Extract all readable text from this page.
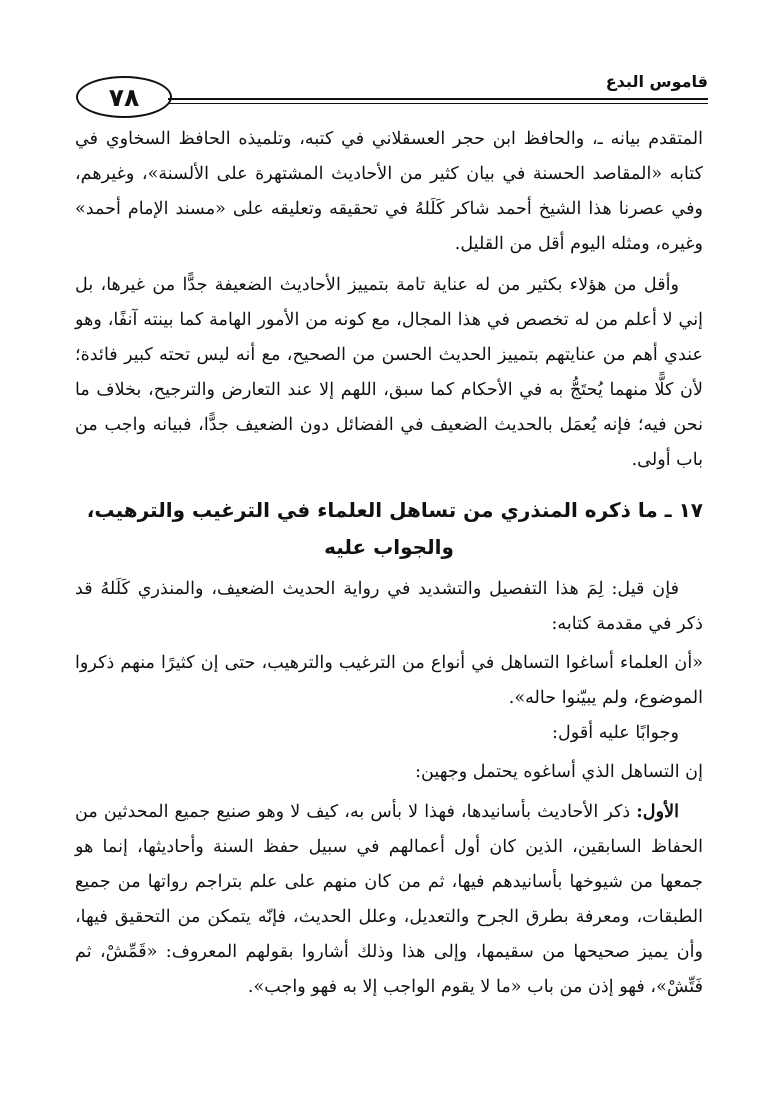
قاموس البدع
٧٨

المتقدم بيانه ـ، والحافظ ابن حجر العسقلاني في كتبه، وتلميذه الحافظ السخاوي في كتابه «المقاصد الحسنة في بيان كثير من الأحاديث المشتهرة على الألسنة»، وغيرهم، وفي عصرنا هذا الشيخ أحمد شاكر كَلَلهُ في تحقيقه وتعليقه على «مسند الإمام أحمد» وغيره، ومثله اليوم أقل من القليل.

وأقل من هؤلاء بكثير من له عناية تامة بتمييز الأحاديث الضعيفة جدًّا من غيرها، بل إني لا أعلم من له تخصص في هذا المجال، مع كونه من الأمور الهامة كما بينته آنفًا، وهو عندي أهم من عنايتهم بتمييز الحديث الحسن من الصحيح، مع أنه ليس تحته كبير فائدة؛ لأن كلًّا منهما يُحتَجُّ به في الأحكام كما سبق، اللهم إلا عند التعارض والترجيح، بخلاف ما نحن فيه؛ فإنه يُعمَل بالحديث الضعيف في الفضائل دون الضعيف جدًّا، فبيانه واجب من باب أولى.

١٧ ـ ما ذكره المنذري من تساهل العلماء في الترغيب والترهيب،
والجواب عليه

فإن قيل: لِمَ هذا التفصيل والتشديد في رواية الحديث الضعيف، والمنذري كَلَلهُ قد ذكر في مقدمة كتابه:

«أن العلماء أساغوا التساهل في أنواع من الترغيب والترهيب، حتى إن كثيرًا منهم ذكروا الموضوع، ولم يبيّنوا حاله».

وجوابًا عليه أقول:

إن التساهل الذي أساغوه يحتمل وجهين:

الأول: ذكر الأحاديث بأسانيدها، فهذا لا بأس به، كيف لا وهو صنيع جميع المحدثين من الحفاظ السابقين، الذين كان أول أعمالهم في سبيل حفظ السنة وأحاديثها، إنما هو جمعها من شيوخها بأسانيدهم فيها، ثم من كان منهم على علم بتراجم رواتها من جميع الطبقات، ومعرفة بطرق الجرح والتعديل، وعلل الحديث، فإنّه يتمكن من التحقيق فيها، وأن يميز صحيحها من سقيمها، وإلى هذا وذلك أشاروا بقولهم المعروف: «قَمِّشْ، ثم فَتِّشْ»، فهو إذن من باب «ما لا يقوم الواجب إلا به فهو واجب».
